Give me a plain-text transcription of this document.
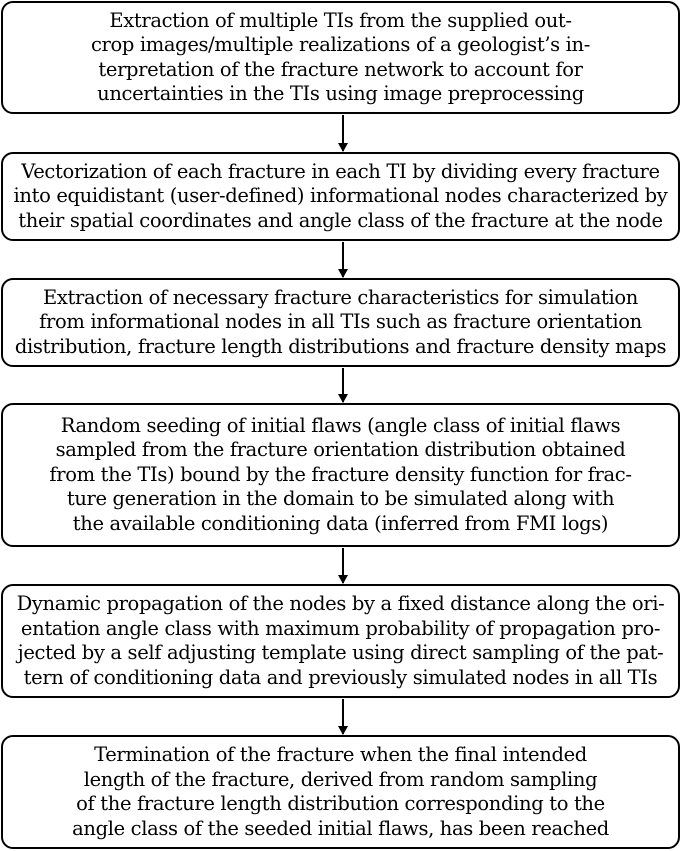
Extraction of multiple TIs from the supplied out-
crop images/multiple realizations of a geologist’s in-
terpretation of the fracture network to account for
uncertainties in the TIs using image preprocessing
Vectorization of each fracture in each TI by dividing every fracture
into equidistant (user-defined) informational nodes characterized by
their spatial coordinates and angle class of the fracture at the node
Extraction of necessary fracture characteristics for simulation
from informational nodes in all TIs such as fracture orientation
distribution, fracture length distributions and fracture density maps
Random seeding of initial flaws (angle class of initial flaws
sampled from the fracture orientation distribution obtained
from the TIs) bound by the fracture density function for frac-
ture generation in the domain to be simulated along with
the available conditioning data (inferred from FMI logs)
Dynamic propagation of the nodes by a fixed distance along the ori-
entation angle class with maximum probability of propagation pro-
jected by a self adjusting template using direct sampling of the pat-
tern of conditioning data and previously simulated nodes in all TIs
Termination of the fracture when the final intended
length of the fracture, derived from random sampling
of the fracture length distribution corresponding to the
angle class of the seeded initial flaws, has been reached
